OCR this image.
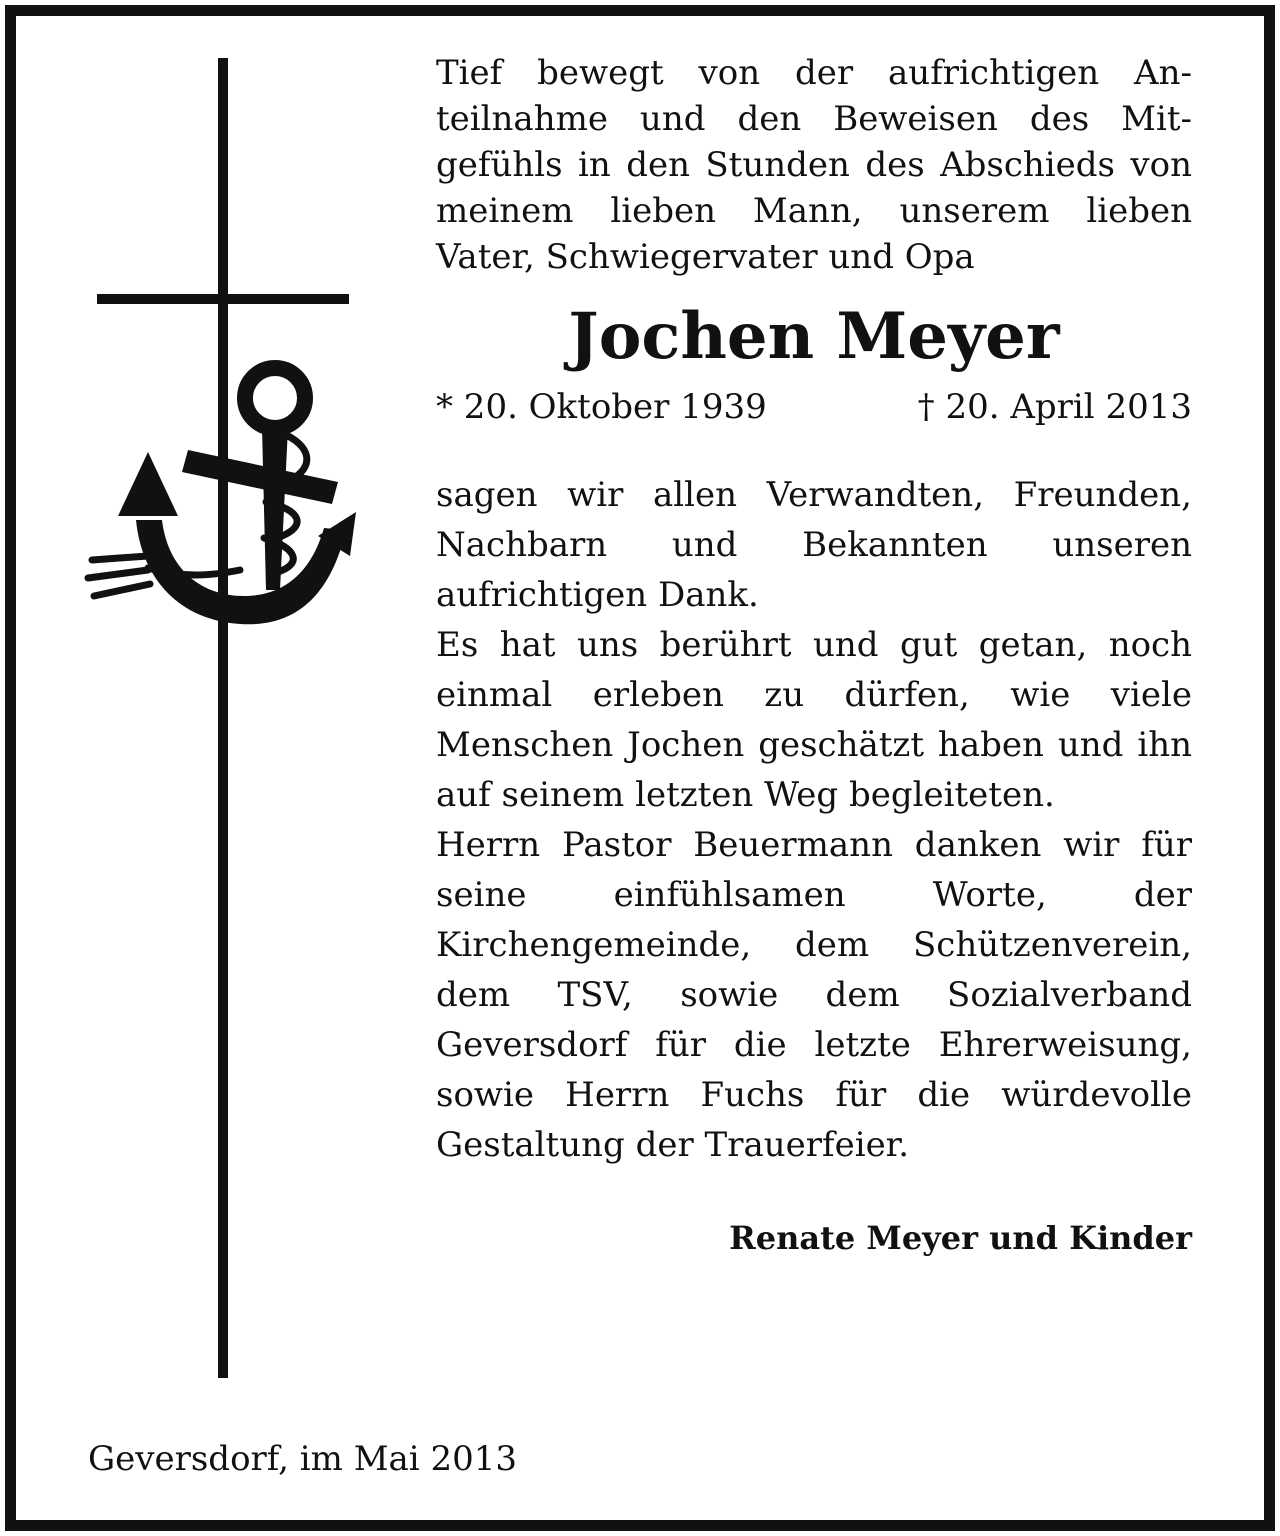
Tief bewegt von der aufrichtigen Anteilnahme und den Beweisen des Mitgefühls in den Stunden des Abschieds von meinem lieben Mann, unserem lieben Vater, Schwiegervater und Opa

Jochen Meyer
* 20. Oktober 1939	† 20. April 2013

sagen wir allen Verwandten, Freunden, Nachbarn und Bekannten unseren aufrichtigen Dank.

Es hat uns berührt und gut getan, noch einmal erleben zu dürfen, wie viele Menschen Jochen geschätzt haben und ihn auf seinem letzten Weg begleiteten.

Herrn Pastor Beuermann danken wir für seine einfühlsamen Worte, der Kirchengemeinde, dem Schützenverein, dem TSV, sowie dem Sozialverband Geversdorf für die letzte Ehrerweisung, sowie Herrn Fuchs für die würdevolle Gestaltung der Trauerfeier.

Renate Meyer und Kinder
Geversdorf, im Mai 2013
